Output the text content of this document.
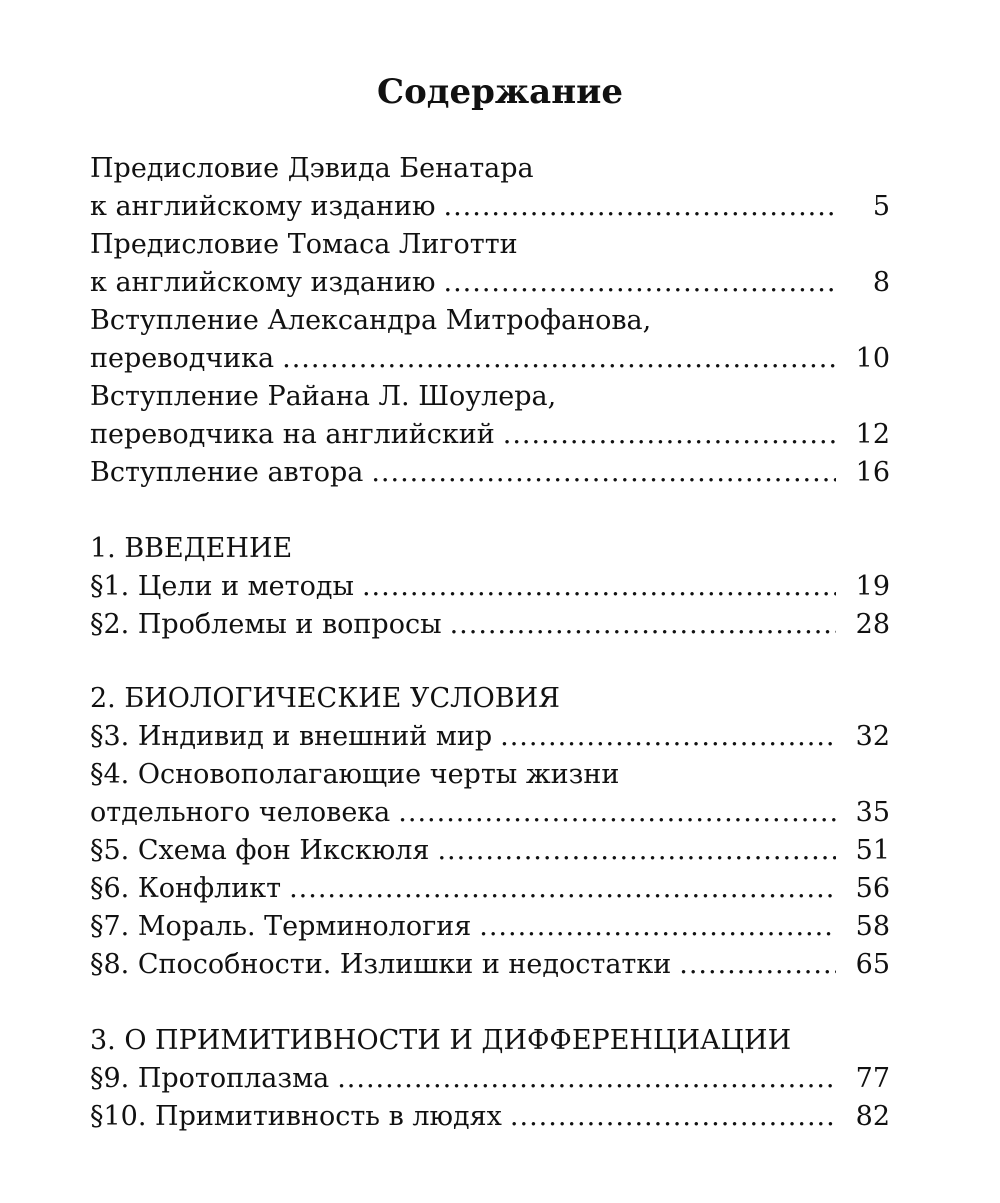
Содержание
Предисловие Дэвида Бенатара
к английскому изданию .....	5
Предисловие Томаса Лиготти
к английскому изданию .....	8
Вступление Александра Митрофанова,
переводчика .....	10
Вступление Райана Л. Шоулера,
переводчика на английский .....	12
Вступление автора .....	16
1. ВВЕДЕНИЕ
§1. Цели и методы .....	19
§2. Проблемы и вопросы .....	28
2. БИОЛОГИЧЕСКИЕ УСЛОВИЯ
§3. Индивид и внешний мир .....	32
§4. Основополагающие черты жизни
отдельного человека .....	35
§5. Схема фон Икскюля .....	51
§6. Конфликт .....	56
§7. Мораль. Терминология .....	58
§8. Способности. Излишки и недостатки .....	65
3. О ПРИМИТИВНОСТИ И ДИФФЕРЕНЦИАЦИИ
§9. Протоплазма .....	77
§10. Примитивность в людях .....	82
